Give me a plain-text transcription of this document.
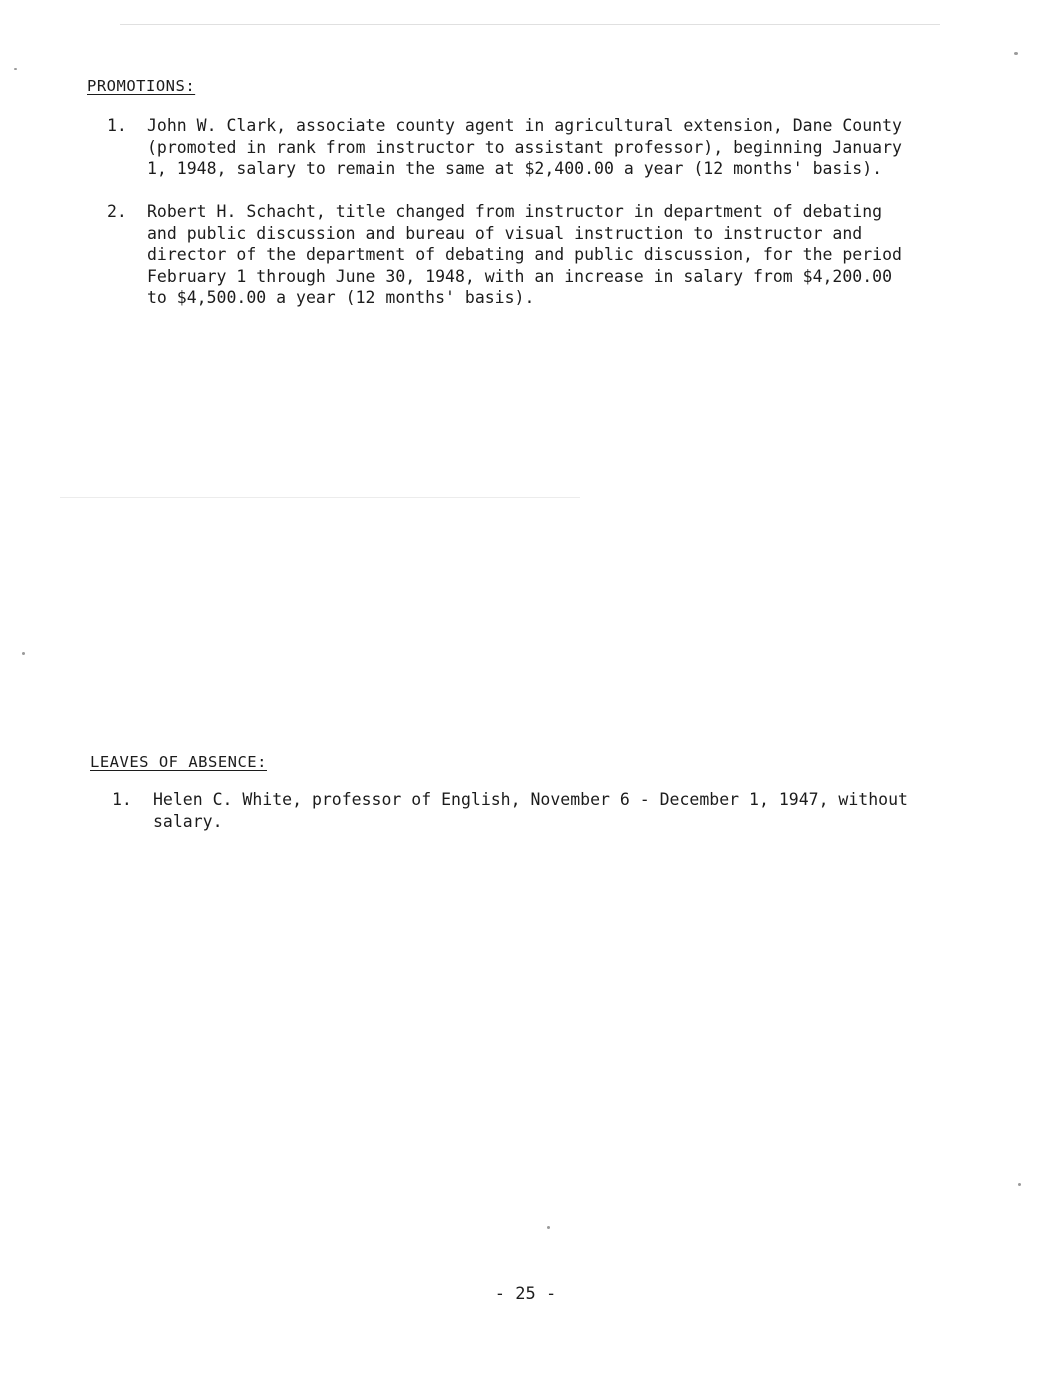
PROMOTIONS:
1. John W. Clark, associate county agent in agricultural extension, Dane County
(promoted in rank from instructor to assistant professor), beginning January
1, 1948, salary to remain the same at $2,400.00 a year (12 months' basis).
2. Robert H. Schacht, title changed from instructor in department of debating
and public discussion and bureau of visual instruction to instructor and
director of the department of debating and public discussion, for the period
February 1 through June 30, 1948, with an increase in salary from $4,200.00
to $4,500.00 a year (12 months' basis).
LEAVES OF ABSENCE:
1. Helen C. White, professor of English, November 6 - December 1, 1947, without
salary.
- 25 -
